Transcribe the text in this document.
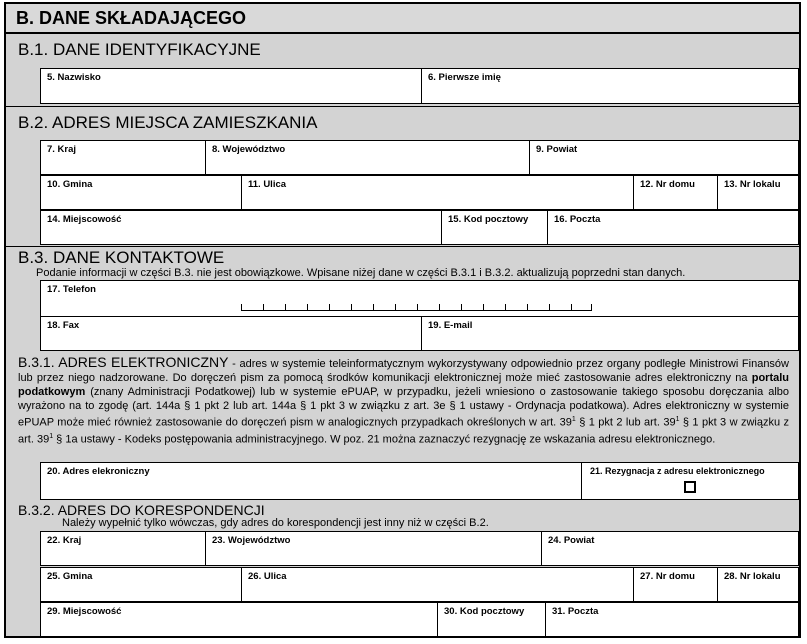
B. DANE SKŁADAJĄCEGO
B.1. DANE IDENTYFIKACYJNE
5. Nazwisko	6. Pierwsze imię
B.2. ADRES MIEJSCA ZAMIESZKANIA
7. Kraj	8. Województwo	9. Powiat
10. Gmina	11. Ulica	12. Nr domu	13. Nr lokalu
14. Miejscowość	15. Kod pocztowy	16. Poczta
B.3. DANE KONTAKTOWE
Podanie informacji w części B.3. nie jest obowiązkowe. Wpisane niżej dane w części B.3.1 i B.3.2. aktualizują poprzedni stan danych.
17. Telefon
18. Fax	19. E-mail
B.3.1. ADRES ELEKTRONICZNY - adres w systemie teleinformatycznym wykorzystywany odpowiednio przez organy podległe Ministrowi Finansów lub przez niego nadzorowane. Do doręczeń pism za pomocą środków komunikacji elektronicznej może mieć zastosowanie adres elektroniczny na portalu podatkowym (znany Administracji Podatkowej) lub w systemie ePUAP, w przypadku, jeżeli wniesiono o zastosowanie takiego sposobu doręczania albo wyrażono na to zgodę (art. 144a § 1 pkt 2 lub art. 144a § 1 pkt 3 w związku z art. 3e § 1 ustawy - Ordynacja podatkowa). Adres elektroniczny w systemie ePUAP może mieć również zastosowanie do doręczeń pism w analogicznych przypadkach określonych w art. $39^1$ § 1 pkt 2 lub art. $39^1$ § 1 pkt 3 w związku z art. $39^1$ § 1a ustawy - Kodeks postępowania administracyjnego. W poz. 21 można zaznaczyć rezygnację ze wskazania adresu elektronicznego.
20. Adres elekroniczny	21. Rezygnacja z adresu elektronicznego
B.3.2. ADRES DO KORESPONDENCJI
Należy wypełnić tylko wówczas, gdy adres do korespondencji jest inny niż w części B.2.
22. Kraj	23. Województwo	24. Powiat
25. Gmina	26. Ulica	27. Nr domu	28. Nr lokalu
29. Miejscowość	30. Kod pocztowy	31. Poczta
